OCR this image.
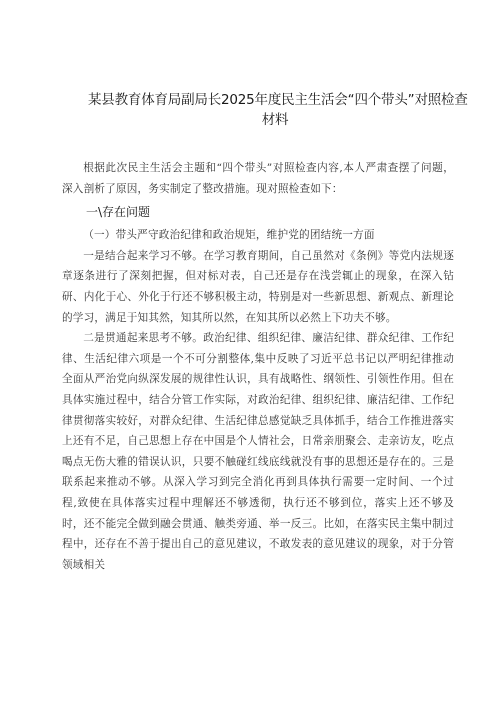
某县教育体育局副局长2025年度民主生活会“四个带头”对照检查
材料

根据此次民主生活会主题和“四个带头”对照检查内容,本人严肃查摆了问题，深入剖析了原因，务实制定了整改措施。现对照检查如下：

一\存在问题

（一）带头严守政治纪律和政治规矩，维护党的团结统一方面

一是结合起来学习不够。在学习教育期间，自己虽然对《条例》等党内法规逐章逐条进行了深刻把握，但对标对表，自己还是存在浅尝辄止的现象，在深入钻研、内化于心、外化于行还不够积极主动，特别是对一些新思想、新观点、新理论的学习，满足于知其然，知其所以然，在知其所以必然上下功夫不够。

二是贯通起来思考不够。政治纪律、组织纪律、廉洁纪律、群众纪律、工作纪律、生活纪律六项是一个不可分割整体,集中反映了习近平总书记以严明纪律推动全面从严治党向纵深发展的规律性认识，具有战略性、纲领性、引领性作用。但在具体实施过程中，结合分管工作实际，对政治纪律、组织纪律、廉洁纪律、工作纪律贯彻落实较好，对群众纪律、生活纪律总感觉缺乏具体抓手，结合工作推进落实上还有不足，自己思想上存在中国是个人情社会，日常亲朋聚会、走亲访友，吃点喝点无伤大雅的错误认识，只要不触碰红线底线就没有事的思想还是存在的。三是联系起来推动不够。从深入学习到完全消化再到具体执行需要一定时间、一个过程,致使在具体落实过程中理解还不够透彻，执行还不够到位，落实上还不够及时，还不能完全做到融会贯通、触类旁通、举一反三。比如，在落实民主集中制过程中，还存在不善于提出自己的意见建议，不敢发表的意见建议的现象，对于分管领域相关
